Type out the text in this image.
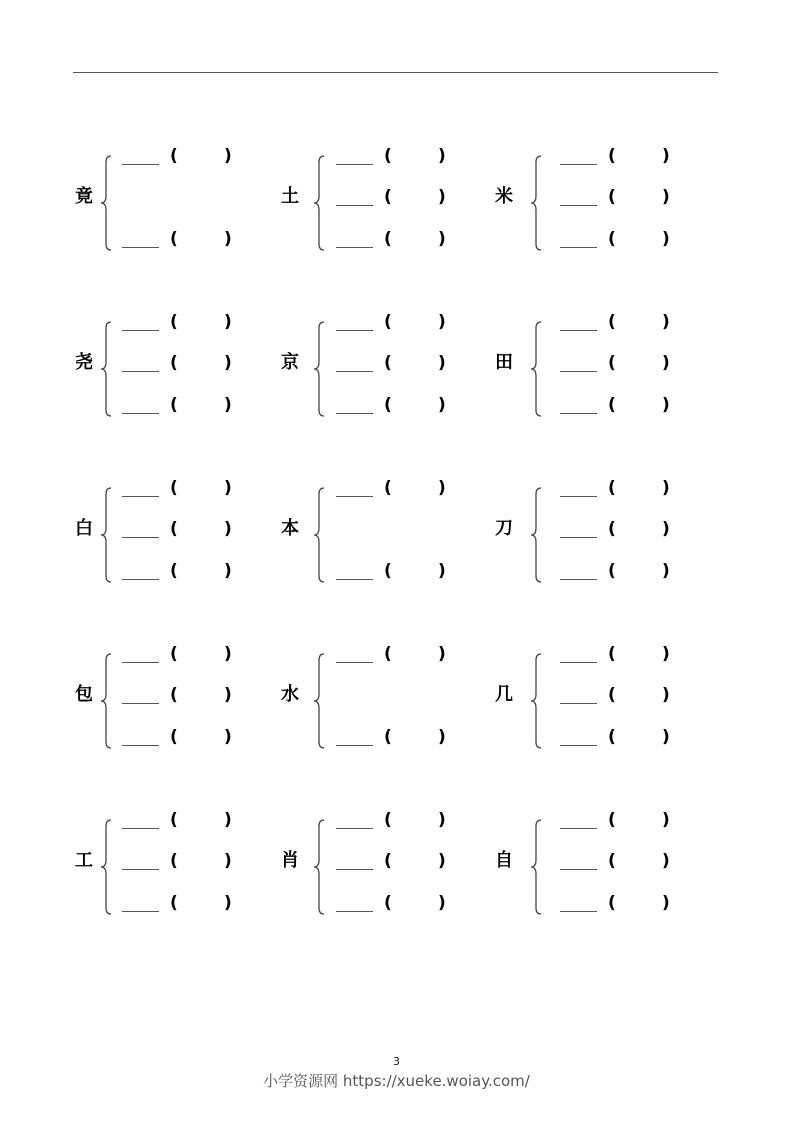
竟
(	)
(	)
土
(	)
(	)
(	)
米
(	)
(	)
(	)
尧
(	)
(	)
(	)
京
(	)
(	)
(	)
田
(	)
(	)
(	)
白
(	)
(	)
(	)
本
(	)
(	)
刀
(	)
(	)
(	)
包
(	)
(	)
(	)
水
(	)
(	)
几
(	)
(	)
(	)
工
(	)
(	)
(	)
肖
(	)
(	)
(	)
自
(	)
(	)
(	)
3
小学资源网 https://xueke.woiay.com/
